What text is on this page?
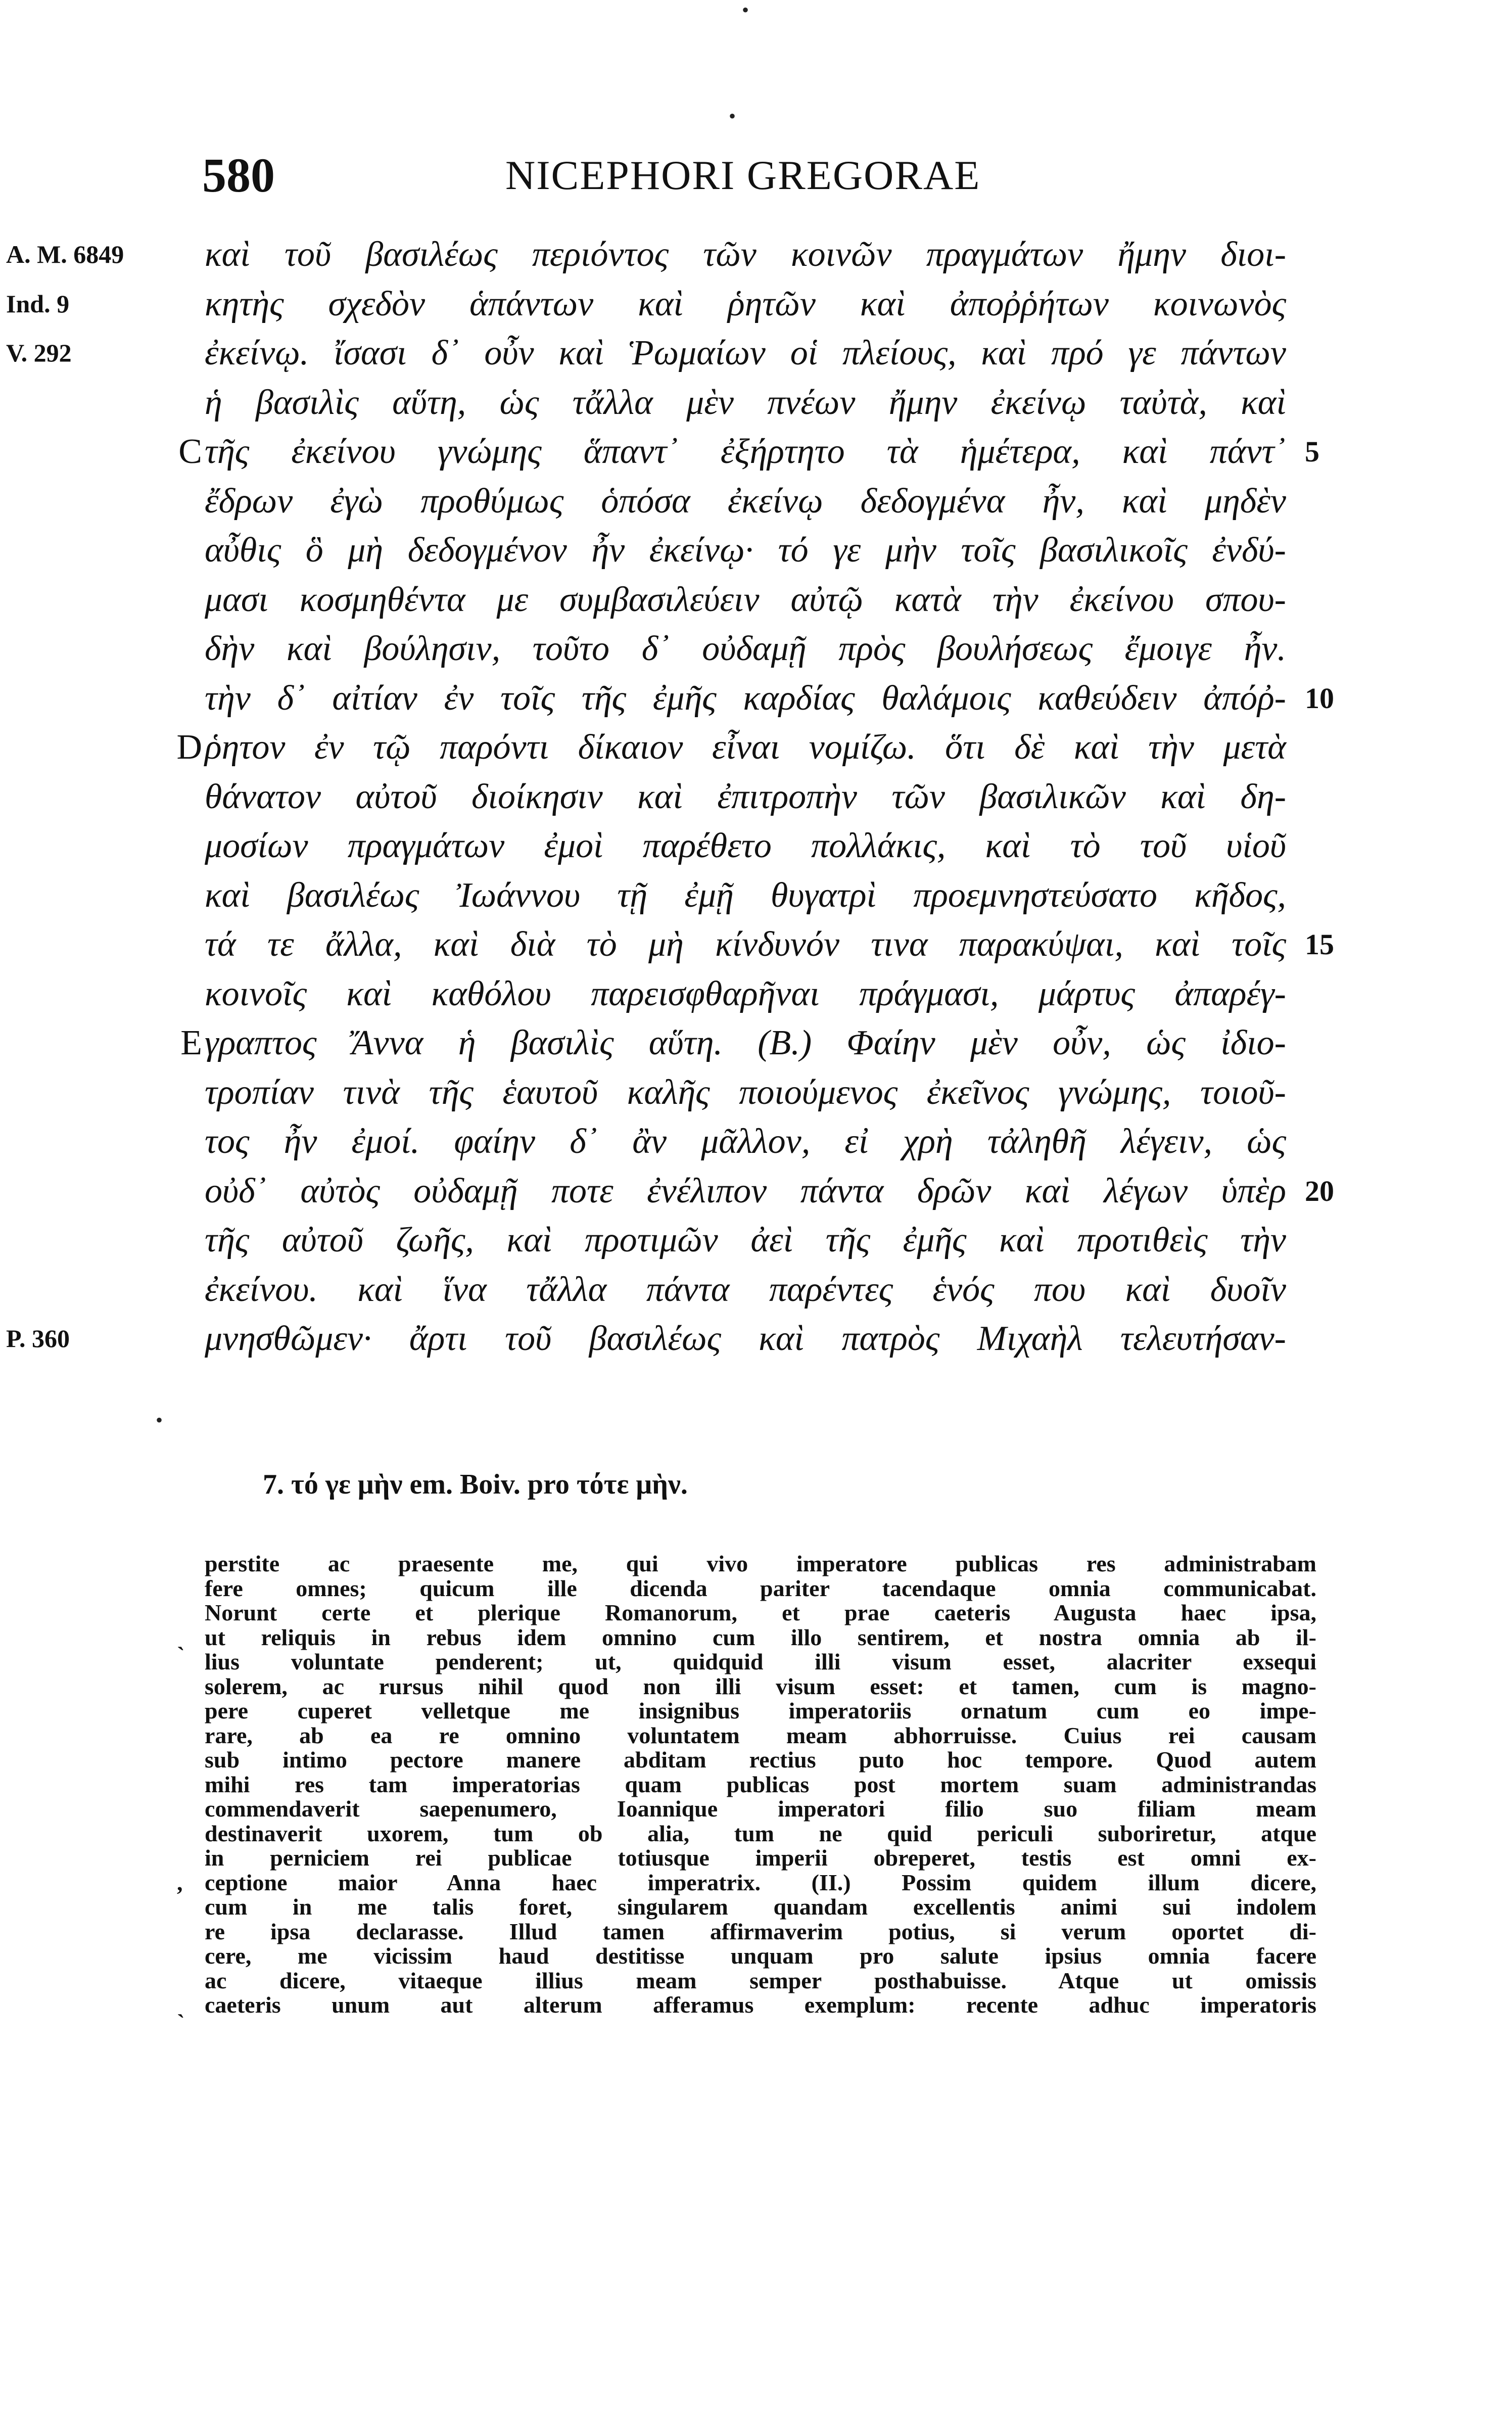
•
•
580	NICEPHORI GREGORAE
A. M. 6849	καὶ τοῦ βασιλέως περιόντος τῶν κοινῶν πραγμάτων ἤμην διοι-
Ind. 9	κητὴς σχεδὸν ἁπάντων καὶ ῥητῶν καὶ ἀποῤῥήτων κοινωνὸς
V. 292	ἐκείνῳ. ἴσασι δ᾿ οὖν καὶ Ῥωμαίων οἱ πλείους, καὶ πρό γε πάντων
ἡ βασιλὶς αὕτη, ὡς τἄλλα μὲν πνέων ἤμην ἐκείνῳ ταὐτὰ, καὶ
C τῆς ἐκείνου γνώμης ἅπαντ᾿ ἐξήρτητο τὰ ἡμέτερα, καὶ πάντ᾿ 5
ἔδρων ἐγὼ προθύμως ὁπόσα ἐκείνῳ δεδογμένα ἦν, καὶ μηδὲν
αὖθις ὃ μὴ δεδογμένον ἦν ἐκείνῳ· τό γε μὴν τοῖς βασιλικοῖς ἐνδύ-
μασι κοσμηθέντα με συμβασιλεύειν αὐτῷ κατὰ τὴν ἐκείνου σπου-
δὴν καὶ βούλησιν, τοῦτο δ᾿ οὐδαμῇ πρὸς βουλήσεως ἔμοιγε ἦν.
τὴν δ᾿ αἰτίαν ἐν τοῖς τῆς ἐμῆς καρδίας θαλάμοις καθεύδειν ἀπόῤ- 10
D ῥητον ἐν τῷ παρόντι δίκαιον εἶναι νομίζω. ὅτι δὲ καὶ τὴν μετὰ
θάνατον αὐτοῦ διοίκησιν καὶ ἐπιτροπὴν τῶν βασιλικῶν καὶ δη-
μοσίων πραγμάτων ἐμοὶ παρέθετο πολλάκις, καὶ τὸ τοῦ υἱοῦ
καὶ βασιλέως Ἰωάννου τῇ ἐμῇ θυγατρὶ προεμνηστεύσατο κῆδος,
τά τε ἄλλα, καὶ διὰ τὸ μὴ κίνδυνόν τινα παρακύψαι, καὶ τοῖς 15
κοινοῖς καὶ καθόλου παρεισφθαρῆναι πράγμασι, μάρτυς ἀπαρέγ-
E γραπτος Ἄννα ἡ βασιλὶς αὕτη. (B.) Φαίην μὲν οὖν, ὡς ἰδιο-
τροπίαν τινὰ τῆς ἑαυτοῦ καλῆς ποιούμενος ἐκεῖνος γνώμης, τοιοῦ-
τος ἦν ἐμοί. φαίην δ᾿ ἂν μᾶλλον, εἰ χρὴ τἀληθῆ λέγειν, ὡς
οὐδ᾿ αὐτὸς οὐδαμῇ ποτε ἐνέλιπον πάντα δρῶν καὶ λέγων ὑπὲρ 20
τῆς αὐτοῦ ζωῆς, καὶ προτιμῶν ἀεὶ τῆς ἐμῆς καὶ προτιθεὶς τὴν
ἐκείνου. καὶ ἵνα τἄλλα πάντα παρέντες ἑνός που καὶ δυοῖν
P. 360	μνησθῶμεν· ἄρτι τοῦ βασιλέως καὶ πατρὸς Μιχαὴλ τελευτήσαν-
•
7. τό γε μὴν em. Boiv. pro τότε μὴν.
perstite ac praesente me, qui vivo imperatore publicas res administrabam
fere omnes; quicum ille dicenda pariter tacendaque omnia communicabat.
Norunt certe et plerique Romanorum, et prae caeteris Augusta haec ipsa,
ut reliquis in rebus idem omnino cum illo sentirem, et nostra omnia ab il-
ˎ
lius voluntate penderent; ut, quidquid illi visum esset, alacriter exsequi
solerem, ac rursus nihil quod non illi visum esset: et tamen, cum is magno-
pere cuperet velletque me insignibus imperatoriis ornatum cum eo impe-
rare, ab ea re omnino voluntatem meam abhorruisse. Cuius rei causam
sub intimo pectore manere abditam rectius puto hoc tempore. Quod autem
mihi res tam imperatorias quam publicas post mortem suam administrandas
commendaverit saepenumero, Ioannique imperatori filio suo filiam meam
destinaverit uxorem, tum ob alia, tum ne quid periculi suboriretur, atque
in perniciem rei publicae totiusque imperii obreperet, testis est omni ex-
ceptione maior Anna haec imperatrix. (II.) Possim quidem illum dicere,
,
cum in me talis foret, singularem quandam excellentis animi sui indolem
re ipsa declarasse. Illud tamen affirmaverim potius, si verum oportet di-
cere, me vicissim haud destitisse unquam pro salute ipsius omnia facere
ac dicere, vitaeque illius meam semper posthabuisse. Atque ut omissis
caeteris unum aut alterum afferamus exemplum: recente adhuc imperatoris
ˎ
